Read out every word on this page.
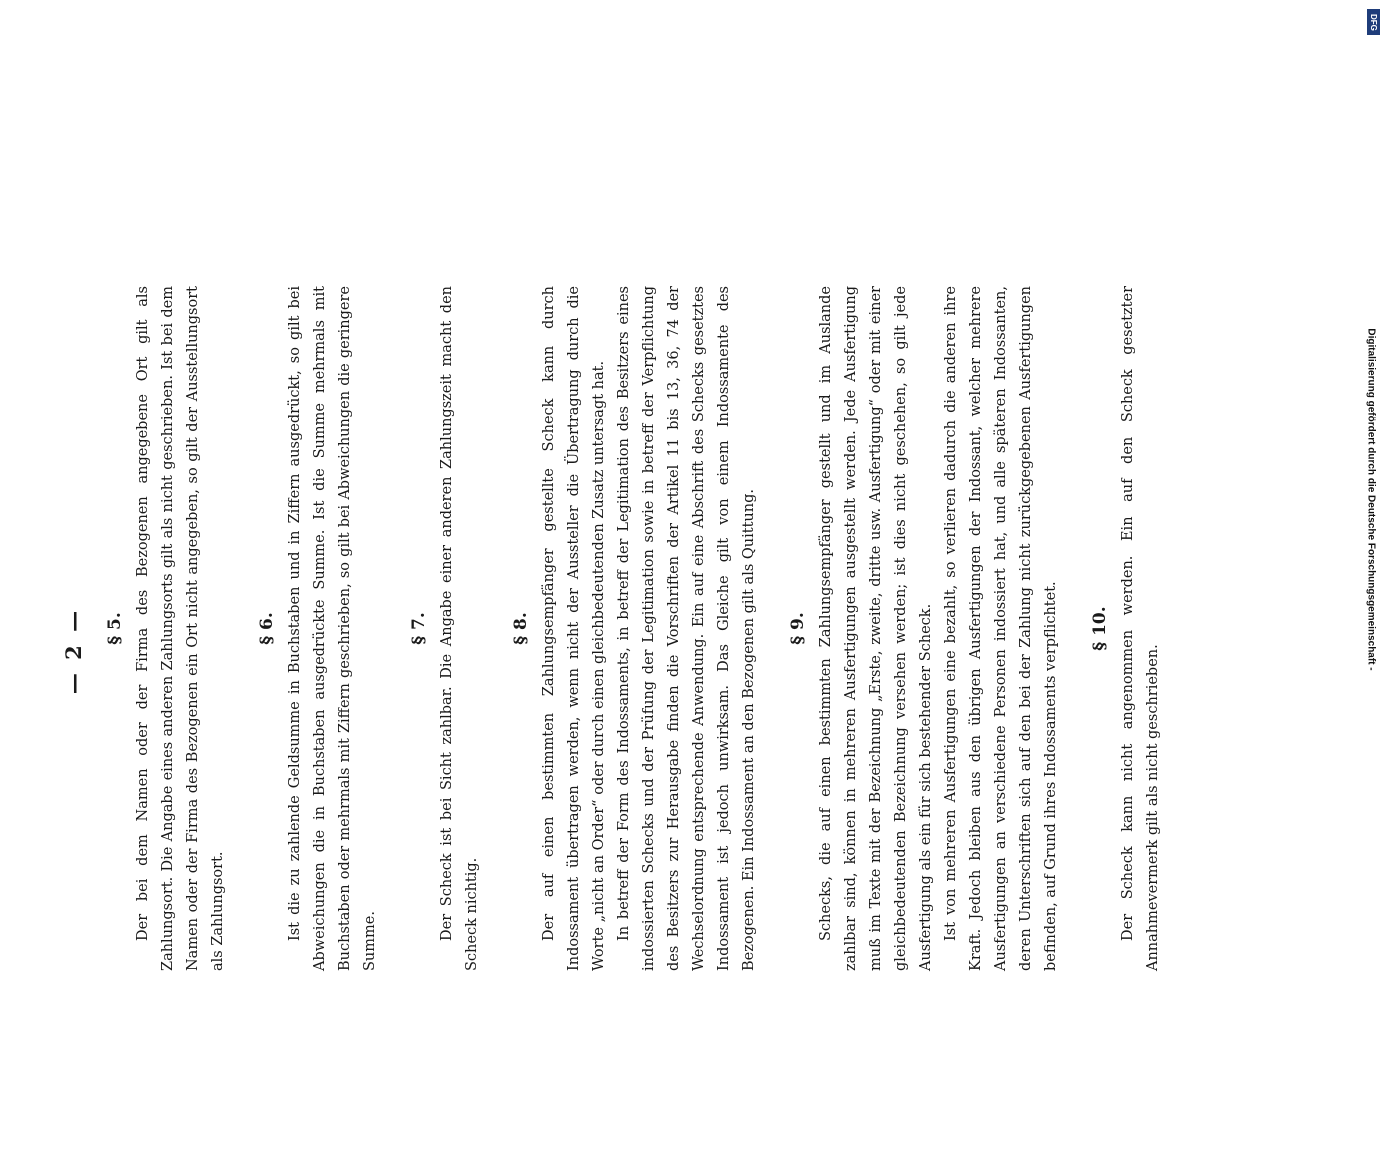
— 2 — § 5. Der bei dem Namen oder der Firma des Bezogenen angegebene Ort gilt als Zahlungsort. Die Angabe eines anderen Zahlungsorts gilt als nicht geschrieben. Ist bei dem Namen oder der Firma des Bezogenen ein Ort nicht angegeben, so gilt der Ausstellungsort als Zahlungsort.

§ 6. Ist die zu zahlende Geldsumme in Buchstaben und in Ziffern ausgedrückt, so gilt bei Abweichungen die in Buchstaben ausgedrückte Summe. Ist die Summe mehrmals mit Buchstaben oder mehrmals mit Ziffern geschrieben, so gilt bei Abweichungen die geringere Summe.

§ 7. Der Scheck ist bei Sicht zahlbar. Die Angabe einer anderen Zahlungszeit macht den Scheck nichtig.

§ 8. Der auf einen bestimmten Zahlungsempfänger gestellte Scheck kann durch Indossament übertragen werden, wenn nicht der Aussteller die Übertragung durch die Worte „nicht an Order“ oder durch einen gleichbedeutenden Zusatz untersagt hat. In betreff der Form des Indossaments, in betreff der Legitimation des Besitzers eines indossierten Schecks und der Prüfung der Legitimation sowie in betreff der Verpflichtung des Besitzers zur Herausgabe finden die Vorschriften der Artikel 11 bis 13, 36, 74 der Wechselordnung entsprechende Anwendung. Ein auf eine Abschrift des Schecks gesetztes Indossament ist jedoch unwirksam. Das Gleiche gilt von einem Indossamente des Bezogenen. Ein Indossament an den Bezogenen gilt als Quittung. § 9. Schecks, die auf einen bestimmten Zahlungsempfänger gestellt und im Auslande zahlbar sind, können in mehreren Ausfertigungen ausgestellt werden. Jede Ausfertigung muß im Texte mit der Bezeichnung „Erste, zweite, dritte usw. Ausfertigung“ oder mit einer gleichbedeutenden Bezeichnung versehen werden; ist dies nicht geschehen, so gilt jede Ausfertigung als ein für sich bestehender Scheck. Ist von mehreren Ausfertigungen eine bezahlt, so verlieren dadurch die anderen ihre Kraft. Jedoch bleiben aus den übrigen Ausfertigungen der Indossant, welcher mehrere Ausfertigungen an verschiedene Personen indossiert hat, und alle späteren Indossanten, deren Unterschriften sich auf den bei der Zahlung nicht zurückgegebenen Ausfertigungen befinden, auf Grund ihres Indossaments verpflichtet. § 10. Der Scheck kann nicht angenommen werden. Ein auf den Scheck gesetzter Annahmevermerk gilt als nicht geschrieben.

Digitalisierung gefördert durch die Deutsche Forschungsgemeinschaft -
DFG
